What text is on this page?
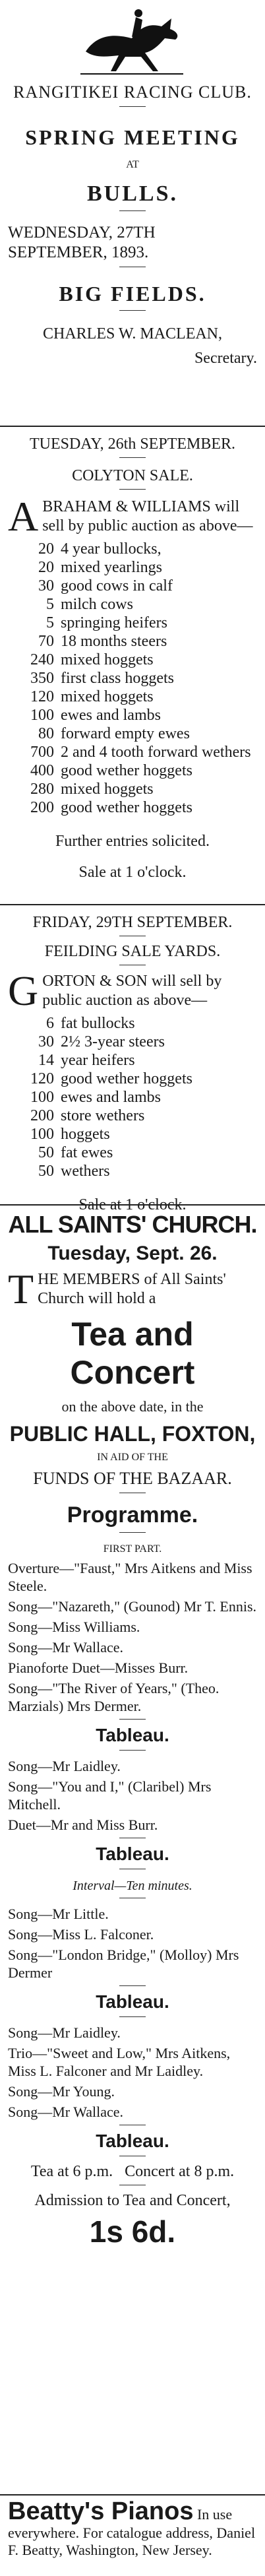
RANGITIKEI RACING CLUB.
SPRING MEETING
AT
BULLS.
WEDNESDAY, 27TH SEPTEMBER, 1893.
BIG FIELDS.
CHARLES W. MACLEAN,
Secretary.
TUESDAY, 26th SEPTEMBER.
COLYTON SALE.
A BRAHAM & WILLIAMS will sell by public auction as above—
20 4 year bullocks,
20 mixed yearlings
30 good cows in calf
5 milch cows
5 springing heifers
70 18 months steers
240 mixed hoggets
350 first class hoggets
120 mixed hoggets
100 ewes and lambs
80 forward empty ewes
700 2 and 4 tooth forward wethers
400 good wether hoggets
280 mixed hoggets
200 good wether hoggets
Further entries solicited.
Sale at 1 o'clock.
FRIDAY, 29TH SEPTEMBER.
FEILDING SALE YARDS.
G ORTON & SON will sell by public auction as above—
6 fat bullocks
30 2½ 3-year steers
14 year heifers
120 good wether hoggets
100 ewes and lambs
200 store wethers
100 hoggets
50 fat ewes
50 wethers
Sale at 1 o'clock.
ALL SAINTS' CHURCH.
Tuesday, Sept. 26.
T HE MEMBERS of All Saints' Church will hold a
Tea and Concert
on the above date, in the
PUBLIC HALL, FOXTON,
IN AID OF THE
FUNDS OF THE BAZAAR.
Programme.
FIRST PART.
Overture—"Faust," Mrs Aitkens and Miss Steele.
Song—"Nazareth," (Gounod) Mr T. Ennis.
Song—Miss Williams.
Song—Mr Wallace.
Pianoforte Duet—Misses Burr.
Song—"The River of Years," (Theo. Marzials) Mrs Dermer.
Tableau.
Song—Mr Laidley.
Song—"You and I," (Claribel) Mrs Mitchell.
Duet—Mr and Miss Burr.
Tableau.
Interval—Ten minutes.
Song—Mr Little.
Song—Miss L. Falconer.
Song—"London Bridge," (Molloy) Mrs Dermer
Tableau.
Song—Mr Laidley.
Trio—"Sweet and Low," Mrs Aitkens, Miss L. Falconer and Mr Laidley.
Song—Mr Young.
Song—Mr Wallace.
Tableau.
Tea at 6 p.m.   Concert at 8 p.m.
Admission to Tea and Concert,
1s 6d.
Beatty's Pianos In use everywhere. For catalogue address, Daniel F. Beatty, Washington, New Jersey.
